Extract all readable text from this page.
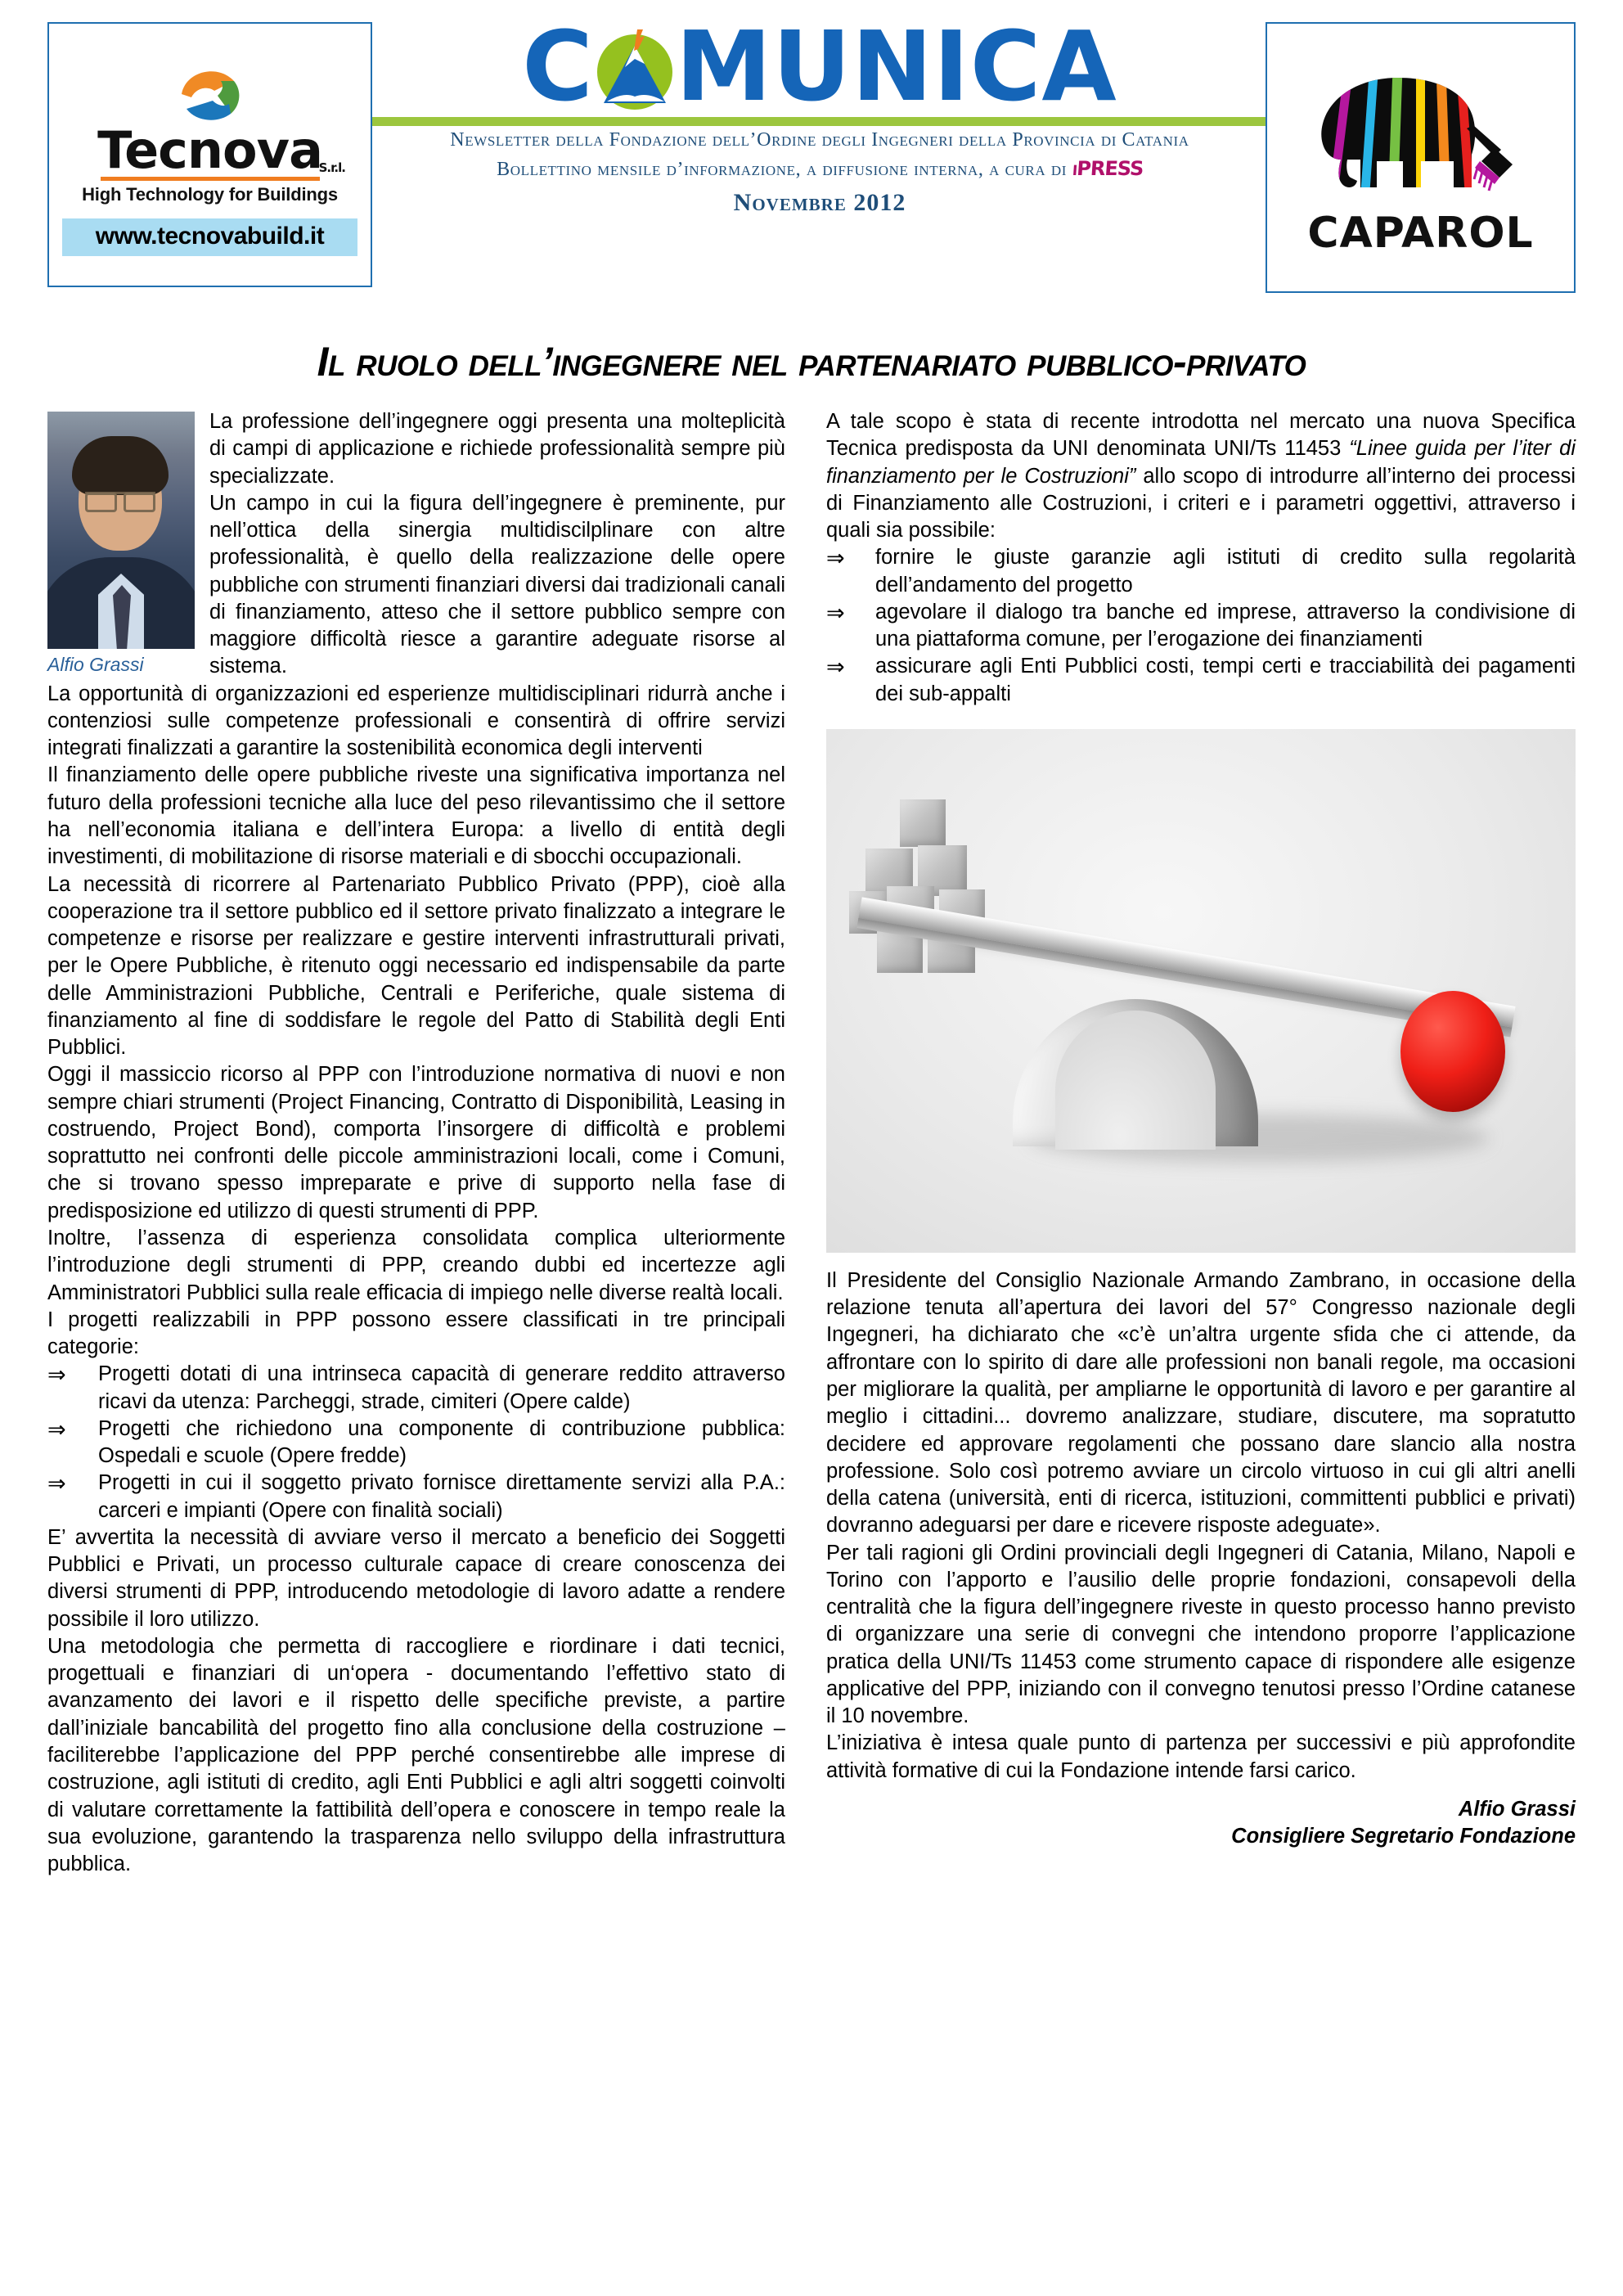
Tecnova
S.r.l.
High Technology for Buildings
www.tecnovabuild.it
C MUNICA
Newsletter della Fondazione dell’Ordine degli Ingegneri della Provincia di Catania
Bollettino mensile d’informazione, a diffusione interna, a cura di iPRESS
Novembre 2012
CAPAROL
Il ruolo dell’ingegnere nel partenariato pubblico-privato
Alfio Grassi

La professione dell’ingegnere oggi presenta una molteplicità di campi di applicazione e richiede professionalità sempre più specializzate.

Un campo in cui la figura dell’ingegnere è preminente, pur nell’ottica della sinergia multidiscilplinare con altre professionalità, è quello della realizzazione delle opere pubbliche con strumenti finanziari diversi dai tradizionali canali di finanziamento, atteso che il settore pubblico sempre con maggiore difficoltà riesce a garantire adeguate risorse al sistema.

La opportunità di organizzazioni ed esperienze multidisciplinari ridurrà anche i contenziosi sulle competenze professionali e consentirà di offrire servizi integrati finalizzati a garantire la sostenibilità economica degli interventi

Il finanziamento delle opere pubbliche riveste una significativa importanza nel futuro della professioni tecniche alla luce del peso rilevantissimo che il settore ha nell’economia italiana e dell’intera Europa: a livello di entità degli investimenti, di mobilitazione di risorse materiali e di sbocchi occupazionali.

La necessità di ricorrere al Partenariato Pubblico Privato (PPP), cioè alla cooperazione tra il settore pubblico ed il settore privato finalizzato a integrare le competenze e risorse per realizzare e gestire interventi infrastrutturali privati, per le Opere Pubbliche, è ritenuto oggi necessario ed indispensabile da parte delle Amministrazioni Pubbliche, Centrali e Periferiche, quale sistema di finanziamento al fine di soddisfare le regole del Patto di Stabilità degli Enti Pubblici.

Oggi il massiccio ricorso al PPP con l’introduzione normativa di nuovi e non sempre chiari strumenti (Project Financing, Contratto di Disponibilità, Leasing in costruendo, Project Bond), comporta l’insorgere di difficoltà e problemi soprattutto nei confronti delle piccole amministrazioni locali, come i Comuni, che si trovano spesso impreparate e prive di supporto nella fase di predisposizione ed utilizzo di questi strumenti di PPP.

Inoltre, l’assenza di esperienza consolidata complica ulteriormente l’introduzione degli strumenti di PPP, creando dubbi ed incertezze agli Amministratori Pubblici sulla reale efficacia di impiego nelle diverse realtà locali.

I progetti realizzabili in PPP possono essere classificati in tre principali categorie:

⇒	Progetti dotati di una intrinseca capacità di generare reddito attraverso ricavi da utenza: Parcheggi, strade, cimiteri (Opere calde)
⇒	Progetti che richiedono una componente di contribuzione pubblica: Ospedali e scuole (Opere fredde)
⇒	Progetti in cui il soggetto privato fornisce direttamente servizi alla P.A.: carceri e impianti (Opere con finalità sociali)

E’ avvertita la necessità di avviare verso il mercato a beneficio dei Soggetti Pubblici e Privati, un processo culturale capace di creare conoscenza dei diversi strumenti di PPP, introducendo metodologie di lavoro adatte a rendere possibile il loro utilizzo.

Una metodologia che permetta di raccogliere e riordinare i dati tecnici, progettuali e finanziari di un‘opera - documentando l’effettivo stato di avanzamento dei lavori e il rispetto delle specifiche previste, a partire dall’iniziale bancabilità del progetto fino alla conclusione della costruzione – faciliterebbe l’applicazione del PPP perché consentirebbe alle imprese di costruzione, agli istituti di credito, agli Enti Pubblici e agli altri soggetti coinvolti di valutare correttamente la fattibilità dell’opera e conoscere in tempo reale la sua evoluzione, garantendo la trasparenza nello sviluppo della infrastruttura pubblica.

A tale scopo è stata di recente introdotta nel mercato una nuova Specifica Tecnica predisposta da UNI denominata UNI/Ts 11453 “Linee guida per l’iter di finanziamento per le Costruzioni” allo scopo di introdurre all’interno dei processi di Finanziamento alle Costruzioni, i criteri e i parametri oggettivi, attraverso i quali sia possibile:

⇒	fornire le giuste garanzie agli istituti di credito sulla regolarità dell’andamento del progetto
⇒	agevolare il dialogo tra banche ed imprese, attraverso la condivisione di una piattaforma comune, per l’erogazione dei finanziamenti
⇒	assicurare agli Enti Pubblici costi, tempi certi e tracciabilità dei pagamenti dei sub-appalti

Il Presidente del Consiglio Nazionale Armando Zambrano, in occasione della relazione tenuta all’apertura dei lavori del 57° Congresso nazionale degli Ingegneri, ha dichiarato che «c’è un’altra urgente sfida che ci attende, da affrontare con lo spirito di dare alle professioni non banali regole, ma occasioni per migliorare la qualità, per ampliarne le opportunità di lavoro e per garantire al meglio i cittadini... dovremo analizzare, studiare, discutere, ma sopratutto decidere ed approvare regolamenti che possano dare slancio alla nostra professione. Solo così potremo avviare un circolo virtuoso in cui gli altri anelli della catena (università, enti di ricerca, istituzioni, committenti pubblici e privati) dovranno adeguarsi per dare e ricevere risposte adeguate».

Per tali ragioni gli Ordini provinciali degli Ingegneri di Catania, Milano, Napoli e Torino con l’apporto e l’ausilio delle proprie fondazioni, consapevoli della centralità che la figura dell’ingegnere riveste in questo processo hanno previsto di organizzare una serie di convegni che intendono proporre l’applicazione pratica della UNI/Ts 11453 come strumento capace di rispondere alle esigenze applicative del PPP, iniziando con il convegno tenutosi presso l’Ordine catanese il 10 novembre.

L’iniziativa è intesa quale punto di partenza per successivi e più approfondite attività formative di cui la Fondazione intende farsi carico.

Alfio Grassi
Consigliere Segretario Fondazione
